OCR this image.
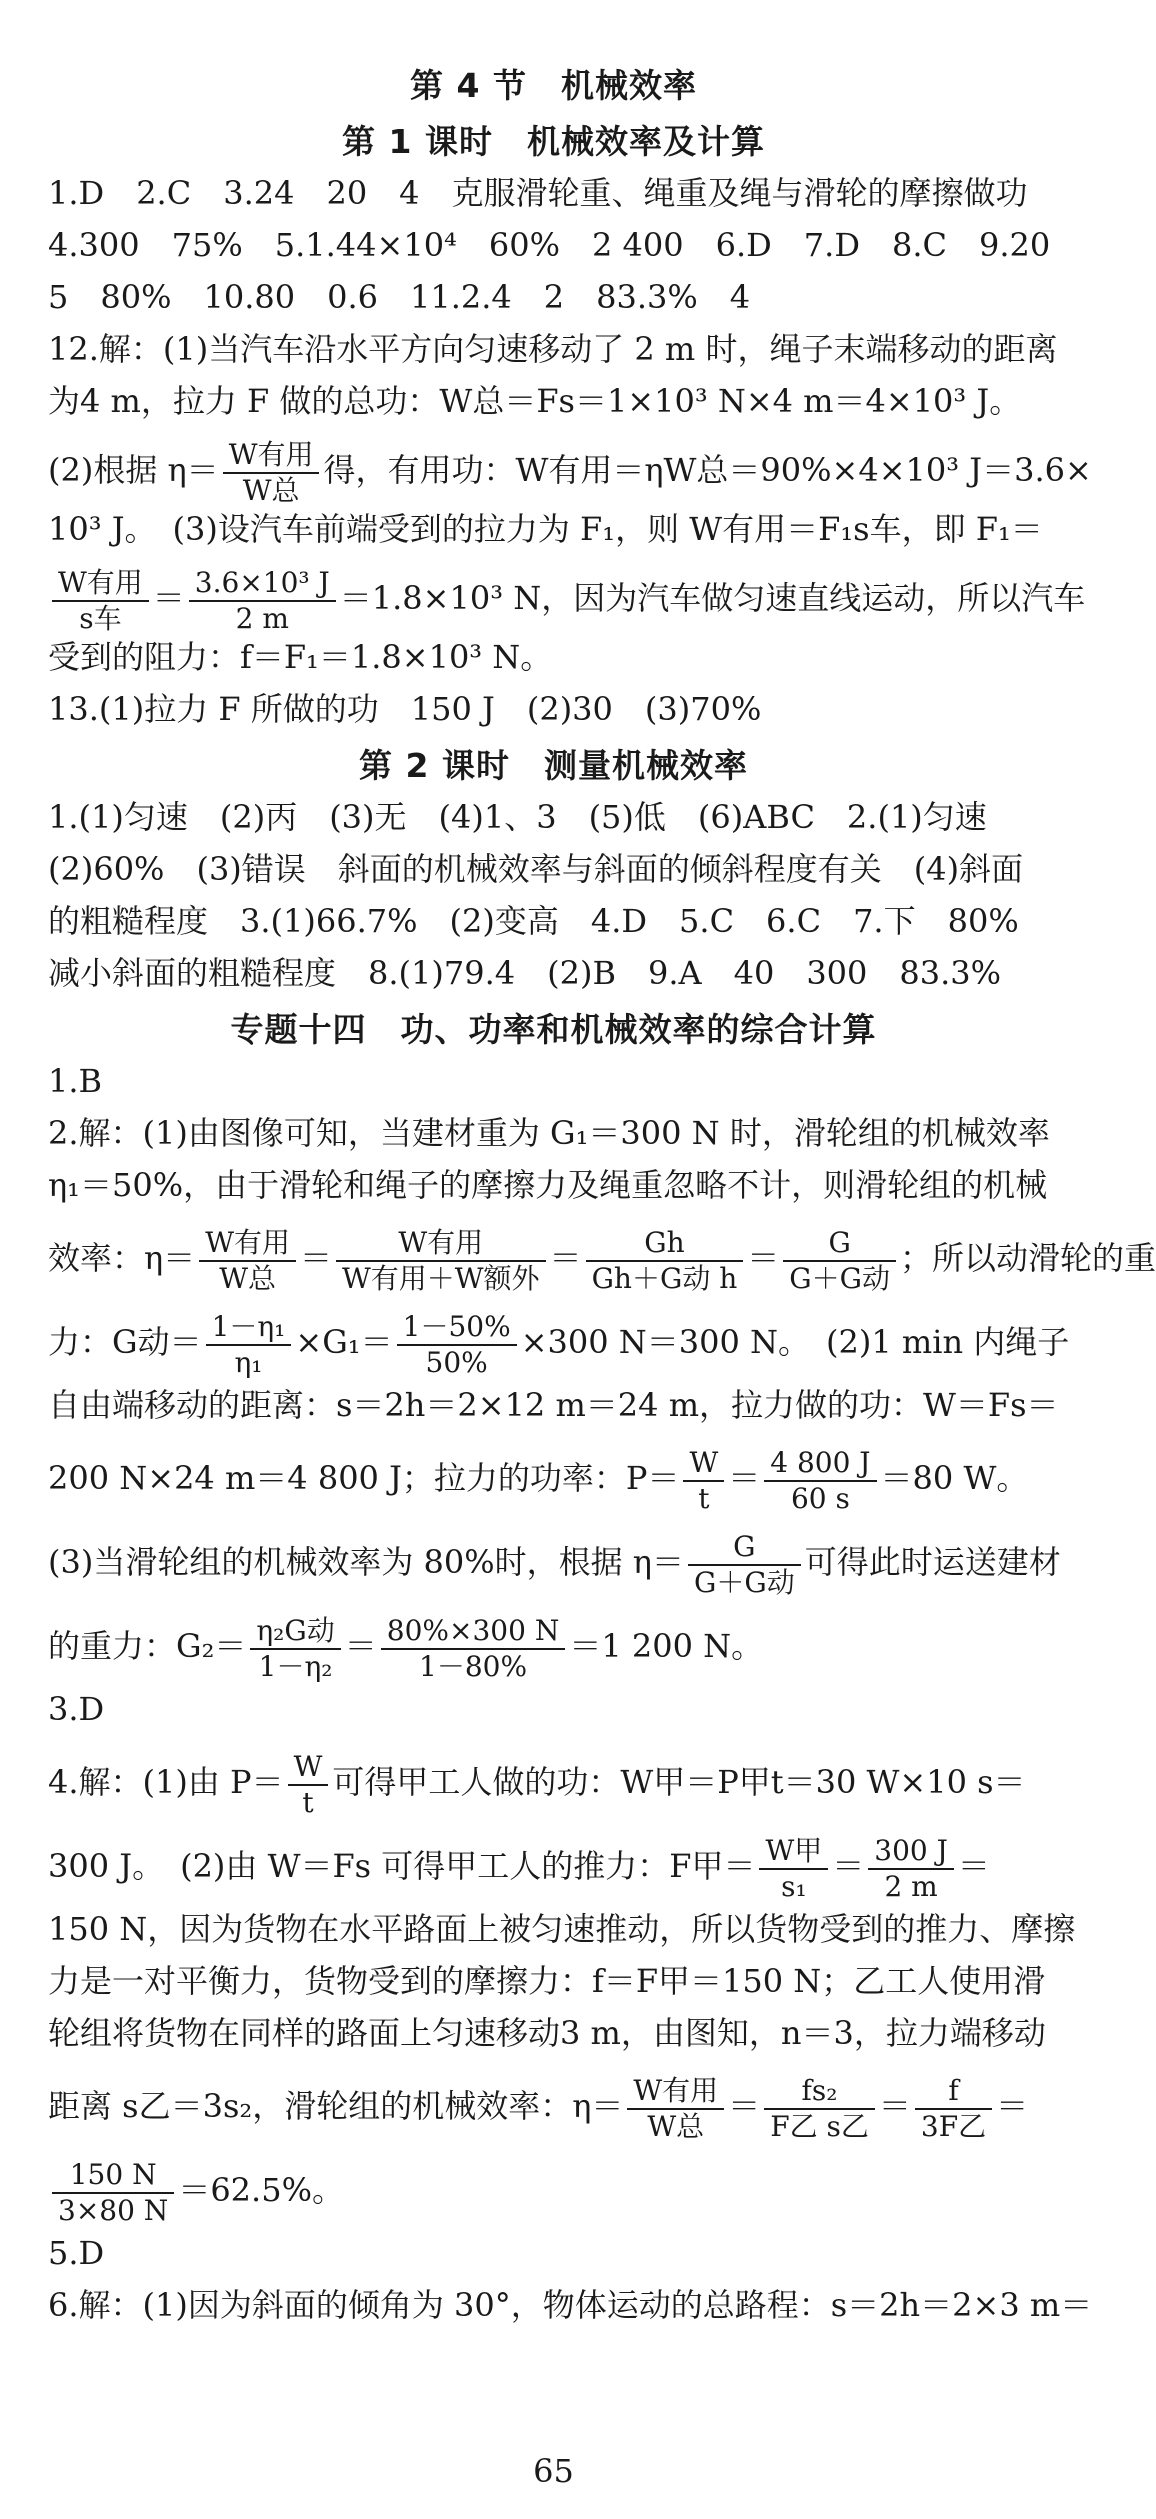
第 4 节　机械效率
第 1 课时　机械效率及计算
1.D　2.C　3.24　20　4　克服滑轮重、绳重及绳与滑轮的摩擦做功
4.300　75%　5.1.44×10⁴　60%　2 400　6.D　7.D　8.C　9.20
5　80%　10.80　0.6　11.2.4　2　83.3%　4
12.解：(1)当汽车沿水平方向匀速移动了 2 m 时，绳子末端移动的距离
为4 m，拉力 F 做的总功：W总＝Fs＝1×10³ N×4 m＝4×10³ J。
(2)根据 $\eta= \frac{\text{W有用}}{\text{W总}}$ 得，有用功：W有用＝ηW总＝90%×4×10³ J＝3.6×
10³ J。　(3)设汽车前端受到的拉力为 F₁，则 W有用＝F₁s车，即 F₁＝
$\frac{\text{W有用}}{\text{s车}} = \frac{\text{3.6×10³ J}}{2 m} =1.8\times 10^3$ N，因为汽车做匀速直线运动，所以汽车
受到的阻力：f＝F₁＝1.8×10³ N。
13.(1)拉力 F 所做的功　150 J　(2)30　(3)70%
第 2 课时　测量机械效率
1.(1)匀速　(2)丙　(3)无　(4)1、3　(5)低　(6)ABC　2.(1)匀速
(2)60%　(3)错误　斜面的机械效率与斜面的倾斜程度有关　(4)斜面
的粗糙程度　3.(1)66.7%　(2)变高　4.D　5.C　6.C　7.下　80%
减小斜面的粗糙程度　8.(1)79.4　(2)B　9.A　40　300　83.3%
专题十四　功、功率和机械效率的综合计算
1.B
2.解：(1)由图像可知，当建材重为 G₁＝300 N 时，滑轮组的机械效率
η₁＝50%，由于滑轮和绳子的摩擦力及绳重忽略不计，则滑轮组的机械
效率：$\eta= \frac{\text{W有用}}{\text{W总}} = \frac{\text{W有用}}{\text{W有用＋W额外}} = \frac{Gh}{\text{Gh＋G动 h}} = \frac{G}{\text{G＋G动}}$ ；所以动滑轮的重
力：G动＝ $\frac{\text{1－η₁}}{\text{η₁}} \times G_1= \frac{1-50\%}{50\%} \times 300$ N＝300 N。　(2)1 min 内绳子
自由端移动的距离：s＝2h＝2×12 m＝24 m，拉力做的功：W＝Fs＝
200 N×24 m＝4 800 J；拉力的功率：$P= \frac{W}{t} = \frac{4 800 J}{60 s} =80$ W。
(3)当滑轮组的机械效率为 80%时，根据 $\eta= \frac{G}{\text{G＋G动}}$ 可得此时运送建材
的重力：$G_2= \frac{\text{η₂G动}}{\text{1－η₂}} = \frac{80\%\times 300 N}{1-80\%} =1$ 200 N。
3.D
4.解：(1)由 $P= \frac{W}{t}$ 可得甲工人做的功：W甲＝P甲t＝30 W×10 s＝
300 J。　(2)由 W＝Fs 可得甲工人的推力：F甲＝ $\frac{\text{W甲}}{\text{s₁}} = \frac{300 J}{2 m}$ ＝
150 N，因为货物在水平路面上被匀速推动，所以货物受到的推力、摩擦
力是一对平衡力，货物受到的摩擦力：f＝F甲＝150 N；乙工人使用滑
轮组将货物在同样的路面上匀速移动3 m，由图知，n＝3，拉力端移动
距离 s乙＝3s₂，滑轮组的机械效率：$\eta= \frac{\text{W有用}}{\text{W总}} = \frac{\text{fs₂}}{\text{F乙 s乙}} = \frac{f}{\text{3F乙}}$ ＝
$\frac{150 N}{3\times 80 N} =62.5\%$。
5.D
6.解：(1)因为斜面的倾角为 30°，物体运动的总路程：s＝2h＝2×3 m＝
65
